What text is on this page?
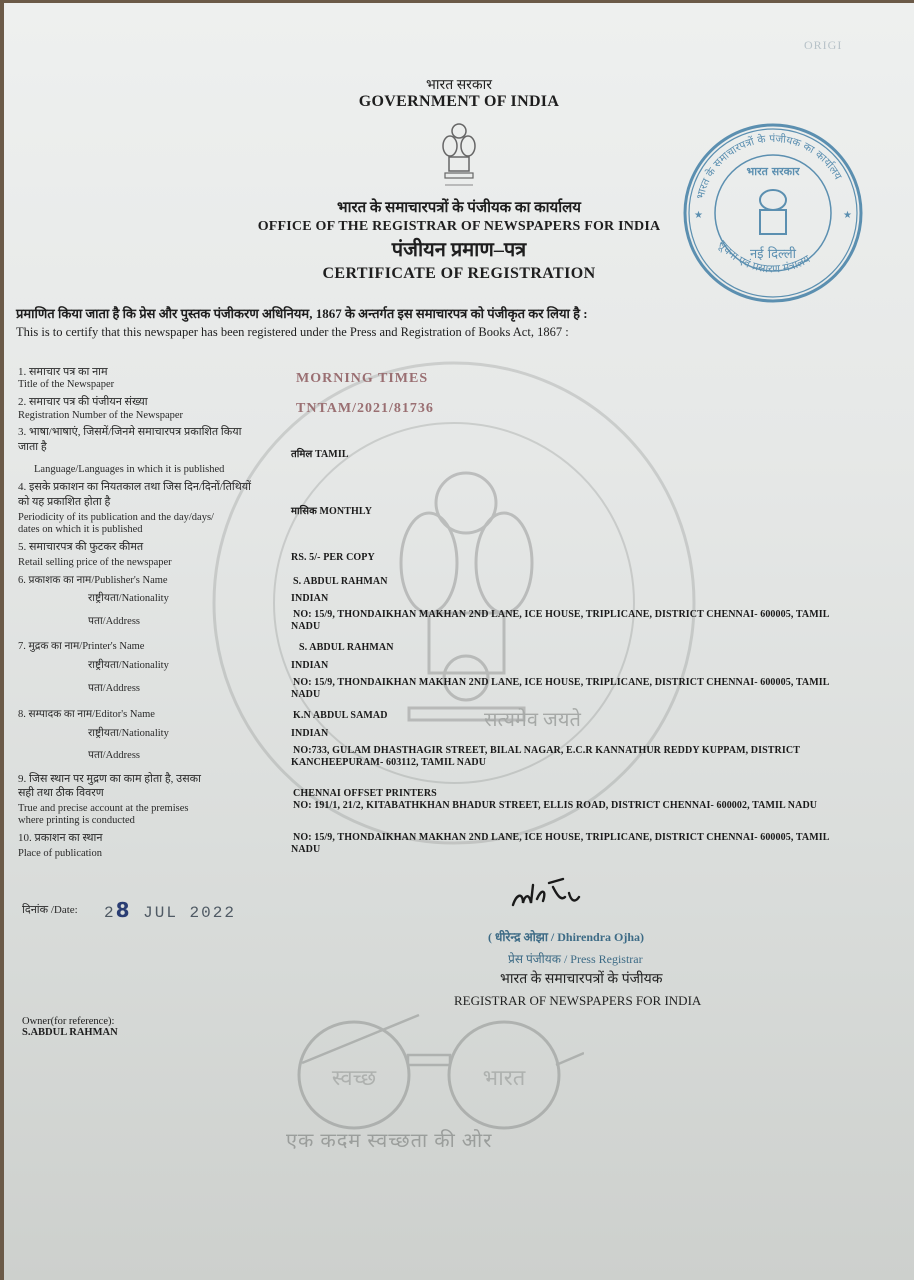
सत्यमेव जयते
ORIGI
भारत सरकार
GOVERNMENT OF INDIA
भारत के समाचारपत्रों के पंजीयक का कार्यालय
OFFICE OF THE REGISTRAR OF NEWSPAPERS FOR INDIA
पंजीयन प्रमाण–पत्र
CERTIFICATE OF REGISTRATION
भारत सरकार
नई दिल्ली
★	★
भारत के समाचारपत्रों के पंजीयक का कार्यालय
सूचना एवं प्रसारण मंत्रालय
प्रमाणित किया जाता है कि प्रेस और पुस्तक पंजीकरण अधिनियम, 1867 के अन्तर्गत इस समाचारपत्र को पंजीकृत कर लिया है :
This is to certify that this newspaper has been registered under the Press and Registration of Books Act, 1867 :
1. समाचार पत्र का नाम
Title of the Newspaper	MORNING TIMES
2. समाचार पत्र की पंजीयन संख्या
Registration Number of the Newspaper	TNTAM/2021/81736
3. भाषा/भाषाएं, जिसमें/जिनमे समाचारपत्र प्रकाशित किया
जाता है
Language/Languages in which it is published
तमिल TAMIL
4. इसके प्रकाशन का नियतकाल तथा जिस दिन/दिनों/तिथियों
को यह प्रकाशित होता है
Periodicity of its publication and the day/days/
dates on which it is published
मासिक MONTHLY
5. समाचारपत्र की फुटकर कीमत
Retail selling price of the newspaper	RS. 5/- PER COPY
6. प्रकाशक का नाम/Publisher's Name	S. ABDUL RAHMAN
राष्ट्रीयता/Nationality	INDIAN
पता/Address
NO: 15/9, THONDAIKHAN MAKHAN 2ND LANE, ICE HOUSE, TRIPLICANE, DISTRICT CHENNAI- 600005, TAMIL
NADU
7. मुद्रक का नाम/Printer's Name	S. ABDUL RAHMAN
राष्ट्रीयता/Nationality	INDIAN
पता/Address
NO: 15/9, THONDAIKHAN MAKHAN 2ND LANE, ICE HOUSE, TRIPLICANE, DISTRICT CHENNAI- 600005, TAMIL
NADU
8. सम्पादक का नाम/Editor's Name	K.N ABDUL SAMAD
राष्ट्रीयता/Nationality	INDIAN
पता/Address	NO:733, GULAM DHASTHAGIR STREET, BILAL NAGAR, E.C.R KANNATHUR REDDY KUPPAM, DISTRICT
KANCHEEPURAM- 603112, TAMIL NADU
9. जिस स्थान पर मुद्रण का काम होता है, उसका
सही तथा ठीक विवरण
True and precise account at the premises
where printing is conducted
CHENNAI OFFSET PRINTERS
NO: 191/1, 21/2, KITABATHKHAN BHADUR STREET, ELLIS ROAD, DISTRICT CHENNAI- 600002, TAMIL NADU
10. प्रकाशन का स्थान
Place of publication
NO: 15/9, THONDAIKHAN MAKHAN 2ND LANE, ICE HOUSE, TRIPLICANE, DISTRICT CHENNAI- 600005, TAMIL
NADU
दिनांक /Date: 28 JUL 2022
( धीरेन्द्र ओझा / Dhirendra Ojha)
प्रेस पंजीयक / Press Registrar
भारत के समाचारपत्रों के पंजीयक
REGISTRAR OF NEWSPAPERS FOR INDIA
Owner(for reference):
S.ABDUL RAHMAN
स्वच्छ	भारत
एक कदम स्वच्छता की ओर
